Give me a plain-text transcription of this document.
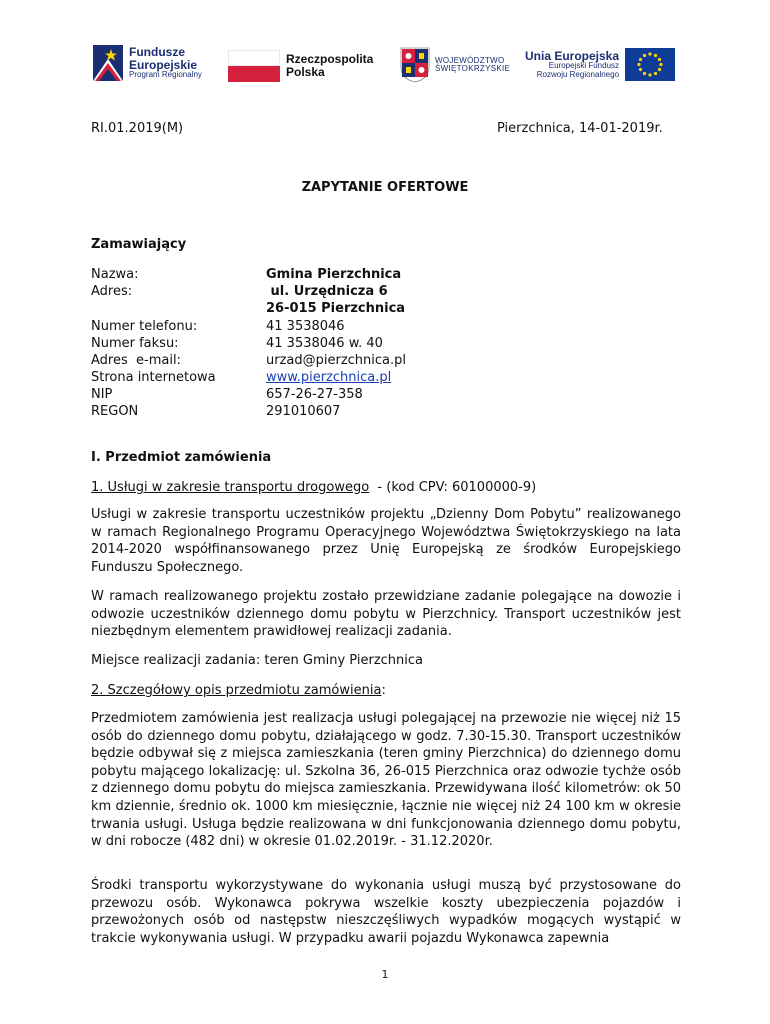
Fundusze
Europejskie
Program Regionalny
Rzeczpospolita
Polska
WOJEWÓDZTWO
ŚWIĘTOKRZYSKIE
Unia Europejska
Europejski Fundusz
Rozwoju Regionalnego
RI.01.2019(M)	Pierzchnica, 14-01-2019r.
ZAPYTANIE OFERTOWE
Zamawiający
Nazwa:	Gmina Pierzchnica
Adres:	ul. Urzędnicza 6
26-015 Pierzchnica
Numer telefonu:	41 3538046
Numer faksu:	41 3538046 w. 40
Adres  e-mail:	urzad@pierzchnica.pl
Strona internetowa	www.pierzchnica.pl
NIP	657-26-27-358
REGON	291010607
I. Przedmiot zamówienia
1. Usługi w zakresie transportu drogowego  - (kod CPV: 60100000-9)
Usługi w zakresie transportu uczestników projektu „Dzienny Dom Pobytu” realizowanego w ramach Regionalnego Programu Operacyjnego Województwa Świętokrzyskiego na lata 2014-2020 współfinansowanego przez Unię Europejską ze środków Europejskiego Funduszu Społecznego.
W ramach realizowanego projektu zostało przewidziane zadanie polegające na dowozie i odwozie uczestników dziennego domu pobytu w Pierzchnicy. Transport uczestników jest niezbędnym elementem prawidłowej realizacji zadania.
Miejsce realizacji zadania: teren Gminy Pierzchnica
2. Szczegółowy opis przedmiotu zamówienia:
Przedmiotem zamówienia jest realizacja usługi polegającej na przewozie nie więcej niż 15 osób do dziennego domu pobytu, działającego w godz. 7.30-15.30. Transport uczestników będzie odbywał się z miejsca zamieszkania (teren gminy Pierzchnica) do dziennego domu pobytu mającego lokalizację: ul. Szkolna 36, 26-015 Pierzchnica oraz odwozie tychże osób z dziennego domu pobytu do miejsca zamieszkania. Przewidywana ilość kilometrów: ok 50 km dziennie, średnio ok. 1000 km miesięcznie, łącznie nie więcej niż 24 100 km w okresie trwania usługi. Usługa będzie realizowana w dni funkcjonowania dziennego domu pobytu, w dni robocze (482 dni) w okresie 01.02.2019r. - 31.12.2020r.
Środki transportu wykorzystywane do wykonania usługi muszą być przystosowane do przewozu osób. Wykonawca pokrywa wszelkie koszty ubezpieczenia pojazdów i przewożonych osób od następstw nieszczęśliwych wypadków mogących wystąpić w trakcie wykonywania usługi. W przypadku awarii pojazdu Wykonawca zapewnia
1
